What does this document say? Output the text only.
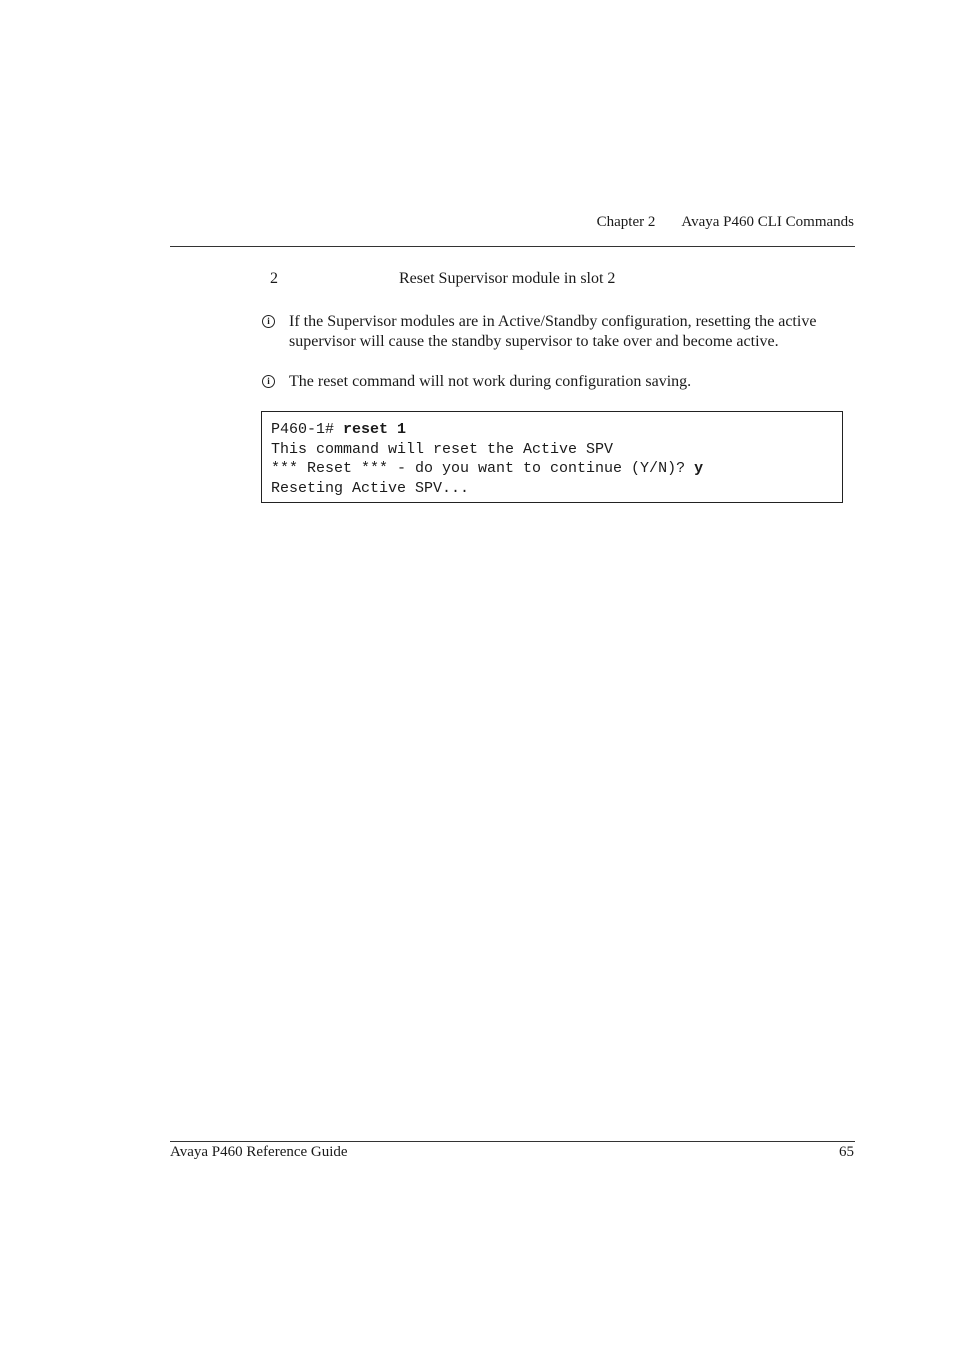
Chapter 2 Avaya P460 CLI Commands
2	Reset Supervisor module in slot 2
i	If the Supervisor modules are in Active/Standby configuration, resetting the active supervisor will cause the standby supervisor to take over and become active.
i	The reset command will not work during configuration saving.
P460-1# reset 1
This command will reset the Active SPV
*** Reset *** - do you want to continue (Y/N)? y
Reseting Active SPV...
Avaya P460 Reference Guide	65
